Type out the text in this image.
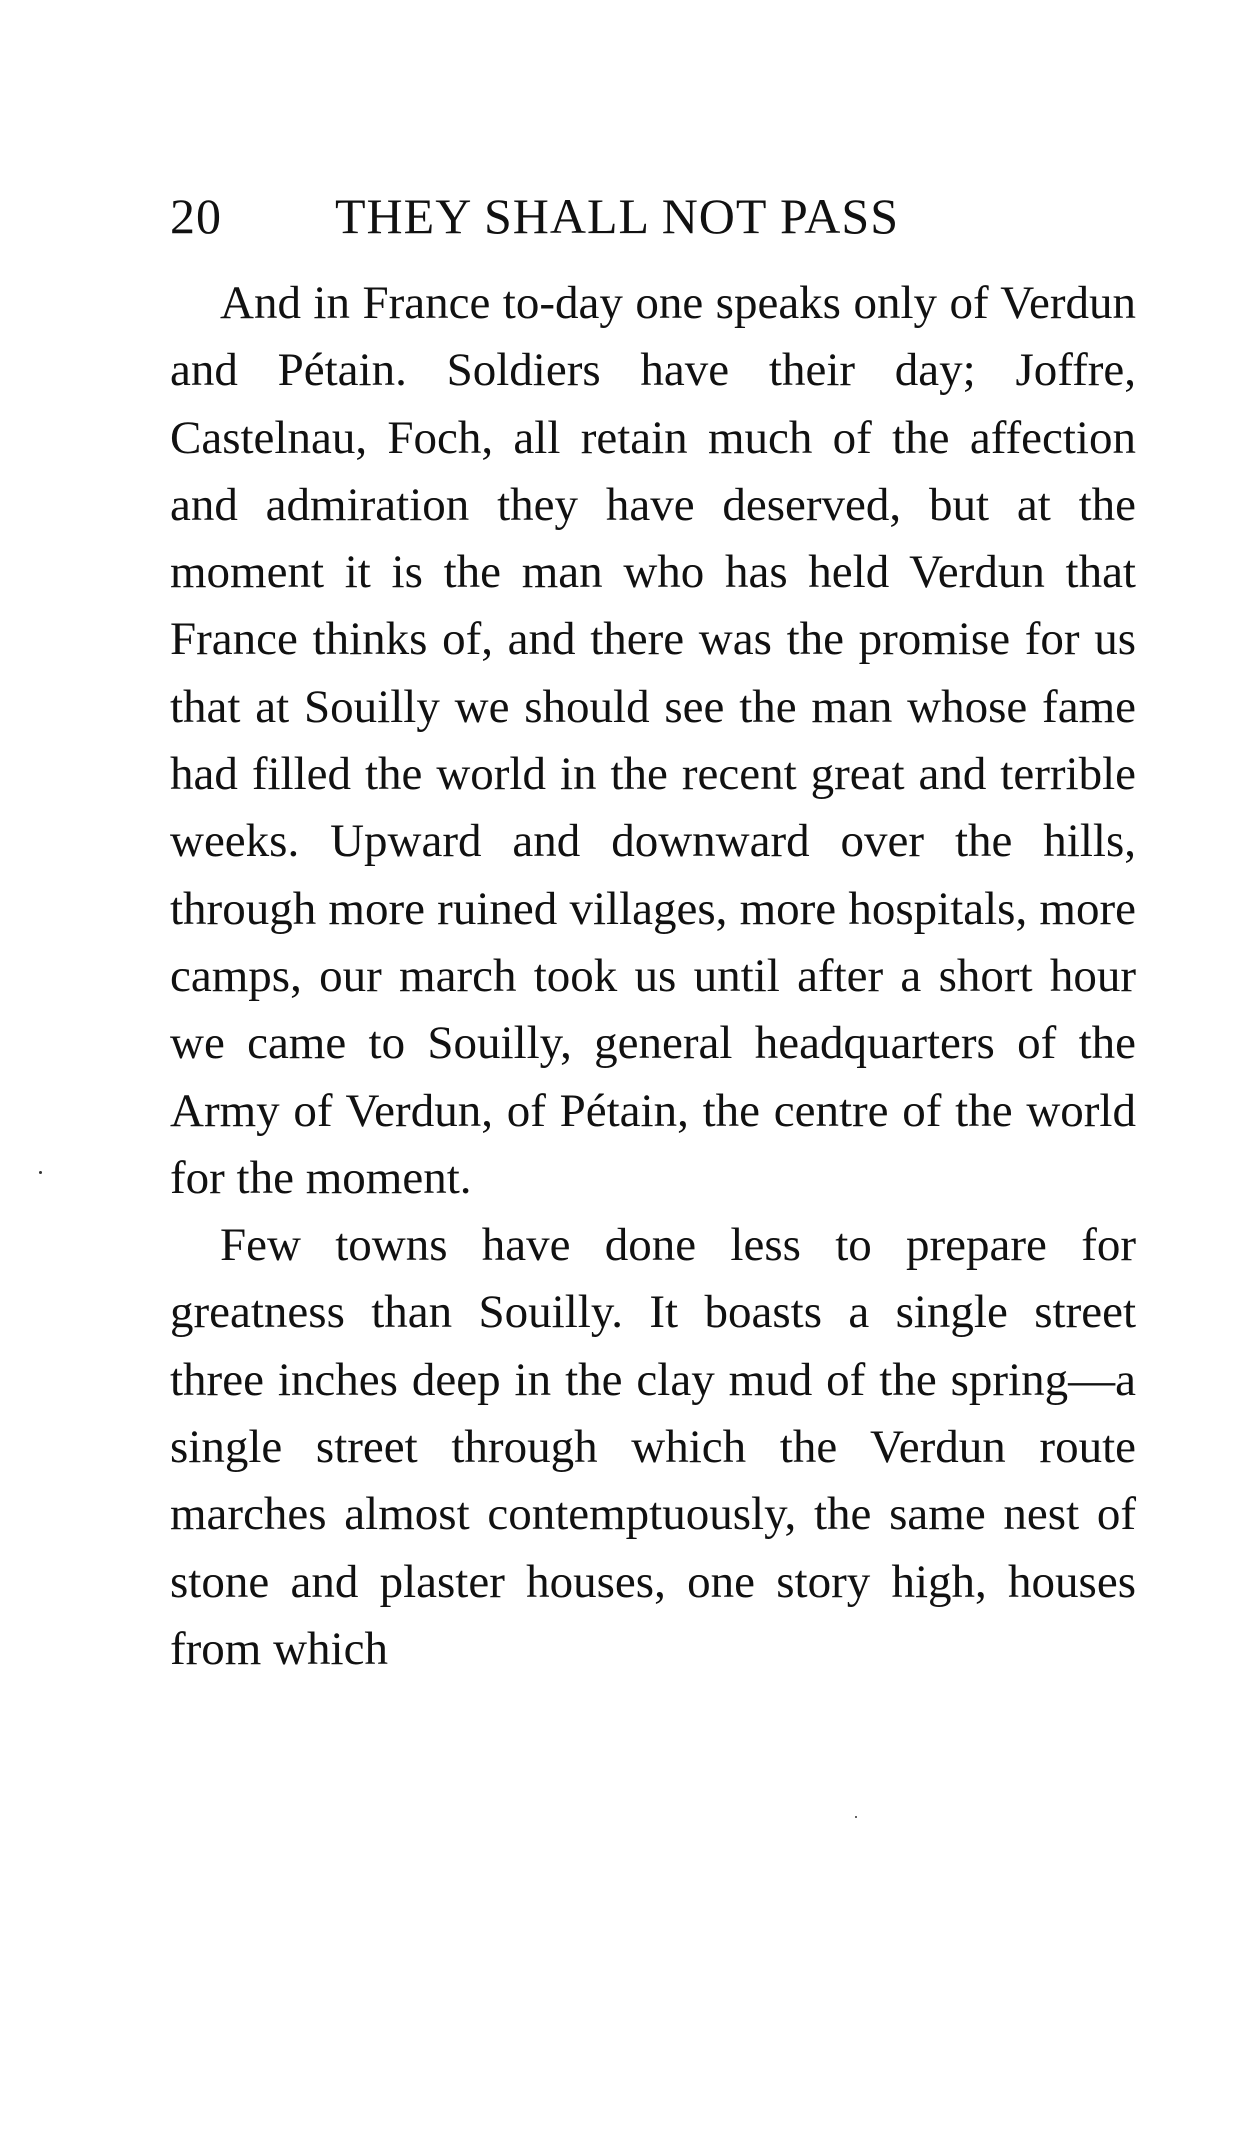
20 THEY SHALL NOT PASS

And in France to-day one speaks only of Verdun and Pétain. Soldiers have their day; Joffre, Castelnau, Foch, all retain much of the affection and admiration they have deserved, but at the moment it is the man who has held Verdun that France thinks of, and there was the promise for us that at Souilly we should see the man whose fame had filled the world in the recent great and terrible weeks. Upward and downward over the hills, through more ruined villages, more hospitals, more camps, our march took us until after a short hour we came to Souilly, general headquarters of the Army of Verdun, of Pétain, the centre of the world for the moment.

Few towns have done less to prepare for greatness than Souilly. It boasts a single street three inches deep in the clay mud of the spring—a single street through which the Verdun route marches almost contemptuously, the same nest of stone and plaster houses, one story high, houses from which
